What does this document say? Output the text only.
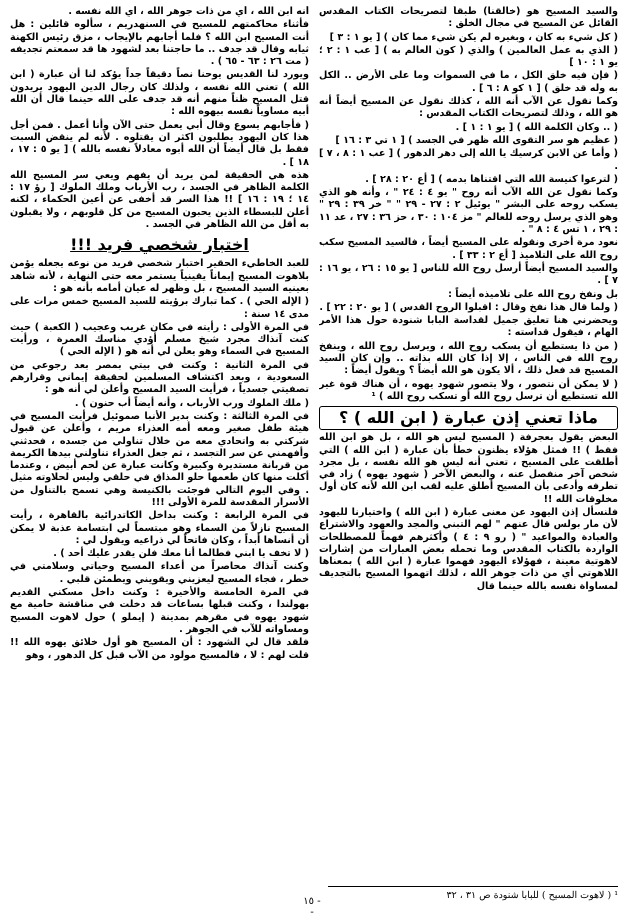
والسيد المسيح هو (خالقنا) طبقاً لتصريحات الكتاب المقدس القائل عن المسيح في مجال الخلق :

( كل شيء به كان ، وبغيره لم يكن شيء مما كان ) [ يو ١ : ٣ ]

( الذي به عمل العالمين ) والذي ( كون العالم به ) [ عب ١ : ٢ ؛ يو ١ : ١٠ ]

( فإن فيه خلق الكل ، ما في السموات وما على الأرض .. الكل به وله قد خلق ) [ ١ كو ٨ : ٦ ] .

وكما نقول عن الآب أنه الله ، كذلك نقول عن المسيح أيضاً أنه هو الله ، وذلك لتصريحات الكتاب المقدس :

( .. وكان الكلمة الله ) [ يو ١ : ١ ] .

( عظيم هو سر التقوى الله ظهر في الجسد ) [ ١ تي ٣ : ١٦ ]

( وأما عن الابن كرسيك يا الله إلى دهر الدهور ) [ عب ١ : ٨ ، ٧ ] .

( لترعوا كنيسة الله التي اقتناها بدمه ) [ أع ٢٠ : ٢٨ ] .

وكما نقول عن الله الآب أنه روح " يو ٤ : ٢٤ " ، وأنه هو الذي يسكب روحه على البشر " يوئيل ٢ : ٢٧ - ٢٩ " " خر ٣٩ : ٢٩ " وهو الذي يرسل روحه للعالم " مز ١٠٤ : ٣٠ ، حز ٣٦ : ٢٧ ، عد ١١ : ٢٩ ، ١ تس ٤ : ٨ " .

نعود مرة أخرى ونقوله على المسيح أيضاً ، فالسيد المسيح سكب روح الله على التلاميذ [ أع ٢ : ٣٣ ] .

والسيد المسيح أيضاً أرسل روح الله للناس [ يو ١٥ : ٢٦ ، يو ١٦ : ٧ ] .

بل ونفخ روح الله على تلاميذه أيضاً :

( ولما قال هذا نفخ وقال : اقبلوا الروح القدس ) [ يو ٢٠ : ٢٢ ] .

ويحضرني هنا تعليق جميل لقداسة البابا شنودة حول هذا الأمر الهام ، فيقول قداسته :

( من ذا يستطيع أن يسكب روح الله ، ويرسل روح الله ، وينفخ روح الله في الناس ، إلا إذا كان الله بذاته .. وإن كان السيد المسيح قد فعل ذلك ، ألا يكون هو الله أيضاً ؟ ويقول أيضاً :

( لا يمكن أن نتصور ، ولا يتصور شهود يهوه ، أن هناك قوة غير الله تستطيع أن ترسل روح الله أو تسكب روح الله ) ¹

ماذا تعني إذن عبارة ( ابن الله ) ؟

البعض يقول بعجرفة ( المسيح ليس هو الله ، بل هو ابن الله فقط ) !! فمثل هؤلاء يظنون خطأ بأن عبارة ( ابن الله ) التي أطلقت على المسيح ، تعني أنه ليس هو الله نفسه ، بل مجرد شخص آخر منفصل عنه ، والبعض الآخر ( شهود يهوه ) زاد في تطرفه وأدعى بأن المسيح أطلق عليه لقب ابن الله لأنه كان أول مخلوقات الله !!

فلنسأل إذن اليهود عن معنى عبارة ( ابن الله ) واختيارنا لليهود لأن مار بولس قال عنهم " لهم التبني والمجد والعهود والاشتراع والعبادة والمواعيد " ( رو ٩ : ٤ ) وأكثرهم فهماً للمصطلحات الواردة بالكتاب المقدس وما تحمله بعض العبارات من إشارات لاهوتية معينة ، فهؤلاء اليهود فهموا عبارة ( ابن الله ) بمعناها اللاهوتي أي من ذات جوهر الله ، لذلك اتهموا المسيح بالتجديف لمساواة نفسه بالله حينما قال

أنه ابن الله ، أي من ذات جوهر الله ، أي الله نفسه .

فأثناء محاكمتهم للمسيح في السنهدريم ، سألوه قائلين : هل أنت المسيح ابن الله ؟ فلما أجابهم بالإيجاب ، مزق رئيس الكهنة ثيابه وقال قد جدف .. ما حاجتنا بعد لشهود ها قد سمعتم تجديفه ( مت ٢٦ : ٦٣ - ٦٥ ) .

ويورد لنا القديس يوحنا نصاً دقيقاً جداً يؤكد لنا أن عبارة ( ابن الله ) تعني الله نفسه ، ولذلك كان رجال الدين اليهود يريدون قتل المسيح ظناً منهم أنه قد جدف على الله حينما قال أن الله أبيه مساوياً نفسه بيهوه الله :

( فأجابهم يسوع وقال أبي يعمل حتى الآن وأنا أعمل . فمن أجل هذا كان اليهود يطلبون اكثر ان يقتلوه . لأنه لم ينقض السبت فقط بل قال أيضاً أن الله أبوه معادلاً نفسه بالله ) [ يو ٥ : ١٧ ، ١٨ ] .

هذه هي الحقيقة لمن يريد أن يفهم ويعي سر المسيح الله الكلمة الظاهر في الجسد ، رب الأرباب وملك الملوك [ رؤ ١٧ : ١٤ ؛ ١٩ : ١٦ ] !! هذا السر قد أخفى عن أعين الحكماء ، لكنه أعلن للبسطاء الذين يحبون المسيح من كل قلوبهم ، ولا يقبلون به أقل من الله الظاهر في الجسد .

اختبار شخصي فريد !!!

للعبد الخاطيء الحقير اختبار شخصي فريد من نوعه يجعله يؤمن بلاهوت المسيح إيماناً يقينياً يستمر معه حتى النهاية ، لأنه شاهد بعينيه السيد المسيح ، بل وظهر له عيان أمامه بأنه هو :

( الإله الحي ) . كما تبارك برؤيته للسيد المسيح خمس مرات على مدى ١٤ سنة :

في المرة الأولى : رأيته في مكان غريب وعجيب ( الكعبة ) حيث كنت آنذاك مجرد شيخ مسلم أؤدي مناسك العمرة ، ورأيت المسيح في السماء وهو يعلن لي أنه هو ( الإله الحي )

في المرة الثانية : وكنت في بيتي بمصر بعد رجوعي من السعودية ، وبعد اكتشاف المسلمين لحقيقة إيماني وقرارهم تصفيتي جسدياً ، فرأيت السيد المسيح وأعلن لي أنه هو :

( ملك الملوك ورب الأرباب ، وأنه أيضاً أب حنون ) .

في المرة الثالثة : وكنت بدير الأنبا صموئيل فرأيت المسيح في هيئة طفل صغير ومعه أمه العذراء مريم ، وأعلن عن قبول شركتي به واتحادي معه من خلال تناولي من جسده ، فحدثني وأفهمني عن سر التجسد ، ثم جعل العذراء تناولني بيدها الكريمة من قربانة مستديرة وكبيرة وكانت عبارة عن لحم أبيض ، وعندما أكلت منها كان طعمها حلو المذاق في حلقي وليس لحلاوته مثيل . وفي اليوم التالي فوجئت بالكنيسة وهي تسمح بالتناول من الأسرار المقدسة للمرة الأولى !!!

في المرة الرابعة : وكنت بداخل الكاتدرائية بالقاهرة ، رأيت المسيح نازلاً من السماء وهو مبتسماً لي ابتسامة عذبة لا يمكن أن أنساها أبداً ، وكان فاتحاً لي ذراعيه ويقول لي :

( لا تخف يا ابني فطالما أنا معك فلن يقدر عليك أحد ) .

وكنت آنذاك محاصراً من أعداء المسيح وحياتي وسلامتي في خطر ، فجاء المسيح ليعزيني ويقويني ويطمئن قلبي .

في المرة الخامسة والأخيرة : وكنت داخل مسكني القديم بهولندا ، وكنت قبلها بساعات قد دخلت في مناقشة حامية مع شهود يهوه في مقرهم بمدينة ( إيملو ) حول لاهوت المسيح ومساواته للآب في الجوهر .

فلقد قال لي الشهود : أن المسيح هو أول خلائق يهوه الله !! قلت لهم : لا ، فالمسيح مولود من الآب قبل كل الدهور ، وهو

¹ ( لاهوت المسيح ) للبابا شنودة ص ٣١ ، ٣٢
- ١٥ -
